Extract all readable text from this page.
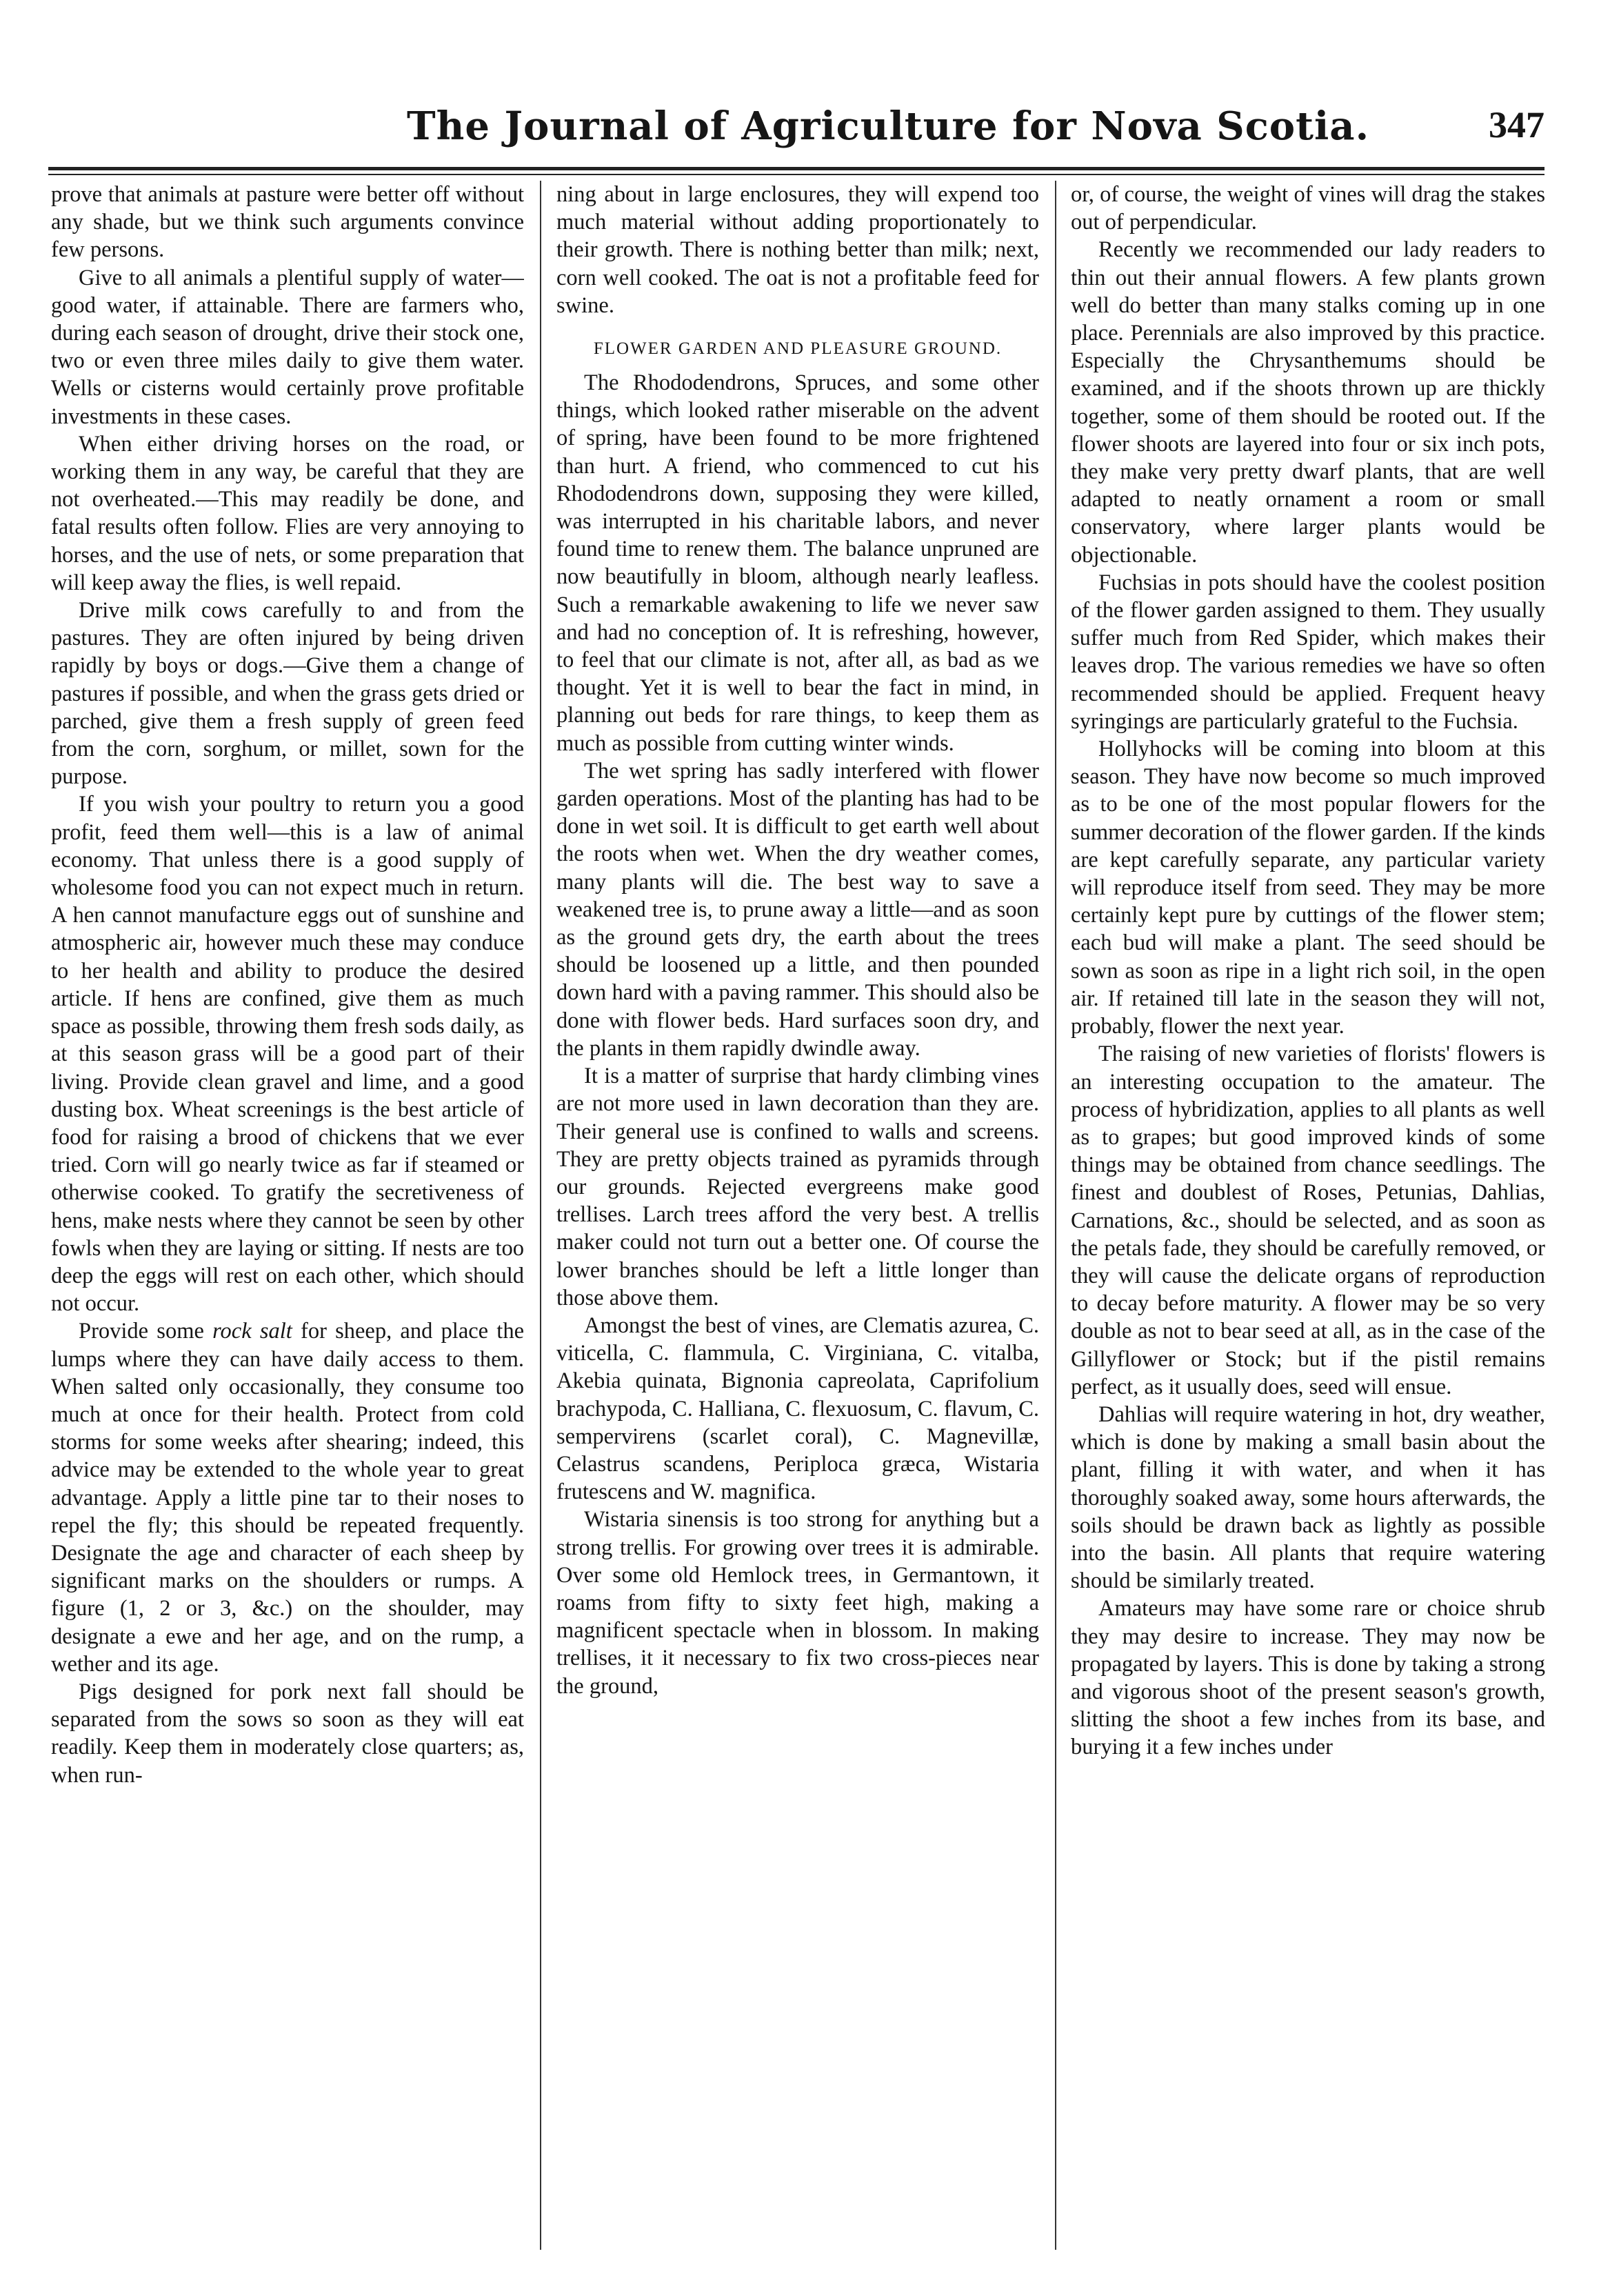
The Journal of Agriculture for Nova Scotia.	347

prove that animals at pasture were better off without any shade, but we think such arguments convince few persons.

Give to all animals a plentiful supply of water—good water, if attainable. There are farmers who, during each season of drought, drive their stock one, two or even three miles daily to give them water. Wells or cisterns would certainly prove profitable investments in these cases.

When either driving horses on the road, or working them in any way, be careful that they are not overheated.—This may readily be done, and fatal results often follow. Flies are very annoying to horses, and the use of nets, or some preparation that will keep away the flies, is well repaid.

Drive milk cows carefully to and from the pastures. They are often injured by being driven rapidly by boys or dogs.—Give them a change of pastures if possible, and when the grass gets dried or parched, give them a fresh supply of green feed from the corn, sorghum, or millet, sown for the purpose.

If you wish your poultry to return you a good profit, feed them well—this is a law of animal economy. That unless there is a good supply of wholesome food you can not expect much in return. A hen cannot manufacture eggs out of sunshine and atmospheric air, however much these may conduce to her health and ability to produce the desired article. If hens are confined, give them as much space as possible, throwing them fresh sods daily, as at this season grass will be a good part of their living. Provide clean gravel and lime, and a good dusting box. Wheat screenings is the best article of food for raising a brood of chickens that we ever tried. Corn will go nearly twice as far if steamed or otherwise cooked. To gratify the secretiveness of hens, make nests where they cannot be seen by other fowls when they are laying or sitting. If nests are too deep the eggs will rest on each other, which should not occur.

Provide some rock salt for sheep, and place the lumps where they can have daily access to them. When salted only occasionally, they consume too much at once for their health. Protect from cold storms for some weeks after shearing; indeed, this advice may be extended to the whole year to great advantage. Apply a little pine tar to their noses to repel the fly; this should be repeated frequently. Designate the age and character of each sheep by significant marks on the shoulders or rumps. A figure (1, 2 or 3, &c.) on the shoulder, may designate a ewe and her age, and on the rump, a wether and its age.

Pigs designed for pork next fall should be separated from the sows so soon as they will eat readily. Keep them in moderately close quarters; as, when run-

ning about in large enclosures, they will expend too much material without adding proportionately to their growth. There is nothing better than milk; next, corn well cooked. The oat is not a profitable feed for swine.

FLOWER GARDEN AND PLEASURE GROUND.

The Rhododendrons, Spruces, and some other things, which looked rather miserable on the advent of spring, have been found to be more frightened than hurt. A friend, who commenced to cut his Rhododendrons down, supposing they were killed, was interrupted in his charitable labors, and never found time to renew them. The balance unpruned are now beautifully in bloom, although nearly leafless. Such a remarkable awakening to life we never saw and had no conception of. It is refreshing, however, to feel that our climate is not, after all, as bad as we thought. Yet it is well to bear the fact in mind, in planning out beds for rare things, to keep them as much as possible from cutting winter winds.

The wet spring has sadly interfered with flower garden operations. Most of the planting has had to be done in wet soil. It is difficult to get earth well about the roots when wet. When the dry weather comes, many plants will die. The best way to save a weakened tree is, to prune away a little—and as soon as the ground gets dry, the earth about the trees should be loosened up a little, and then pounded down hard with a paving rammer. This should also be done with flower beds. Hard surfaces soon dry, and the plants in them rapidly dwindle away.

It is a matter of surprise that hardy climbing vines are not more used in lawn decoration than they are. Their general use is confined to walls and screens. They are pretty objects trained as pyramids through our grounds. Rejected evergreens make good trellises. Larch trees afford the very best. A trellis maker could not turn out a better one. Of course the lower branches should be left a little longer than those above them.

Amongst the best of vines, are Clematis azurea, C. viticella, C. flammula, C. Virginiana, C. vitalba, Akebia quinata, Bignonia capreolata, Caprifolium brachypoda, C. Halliana, C. flexuosum, C. flavum, C. sempervirens (scarlet coral), C. Magnevillæ, Celastrus scandens, Periploca græca, Wistaria frutescens and W. magnifica.

Wistaria sinensis is too strong for anything but a strong trellis. For growing over trees it is admirable. Over some old Hemlock trees, in Germantown, it roams from fifty to sixty feet high, making a magnificent spectacle when in blossom. In making trellises, it it necessary to fix two cross-pieces near the ground,

or, of course, the weight of vines will drag the stakes out of perpendicular.

Recently we recommended our lady readers to thin out their annual flowers. A few plants grown well do better than many stalks coming up in one place. Perennials are also improved by this practice. Especially the Chrysanthemums should be examined, and if the shoots thrown up are thickly together, some of them should be rooted out. If the flower shoots are layered into four or six inch pots, they make very pretty dwarf plants, that are well adapted to neatly ornament a room or small conservatory, where larger plants would be objectionable.

Fuchsias in pots should have the coolest position of the flower garden assigned to them. They usually suffer much from Red Spider, which makes their leaves drop. The various remedies we have so often recommended should be applied. Frequent heavy syringings are particularly grateful to the Fuchsia.

Hollyhocks will be coming into bloom at this season. They have now become so much improved as to be one of the most popular flowers for the summer decoration of the flower garden. If the kinds are kept carefully separate, any particular variety will reproduce itself from seed. They may be more certainly kept pure by cuttings of the flower stem; each bud will make a plant. The seed should be sown as soon as ripe in a light rich soil, in the open air. If retained till late in the season they will not, probably, flower the next year.

The raising of new varieties of florists' flowers is an interesting occupation to the amateur. The process of hybridization, applies to all plants as well as to grapes; but good improved kinds of some things may be obtained from chance seedlings. The finest and doublest of Roses, Petunias, Dahlias, Carnations, &c., should be selected, and as soon as the petals fade, they should be carefully removed, or they will cause the delicate organs of reproduction to decay before maturity. A flower may be so very double as not to bear seed at all, as in the case of the Gillyflower or Stock; but if the pistil remains perfect, as it usually does, seed will ensue.

Dahlias will require watering in hot, dry weather, which is done by making a small basin about the plant, filling it with water, and when it has thoroughly soaked away, some hours afterwards, the soils should be drawn back as lightly as possible into the basin. All plants that require watering should be similarly treated.

Amateurs may have some rare or choice shrub they may desire to increase. They may now be propagated by layers. This is done by taking a strong and vigorous shoot of the present season's growth, slitting the shoot a few inches from its base, and burying it a few inches under
